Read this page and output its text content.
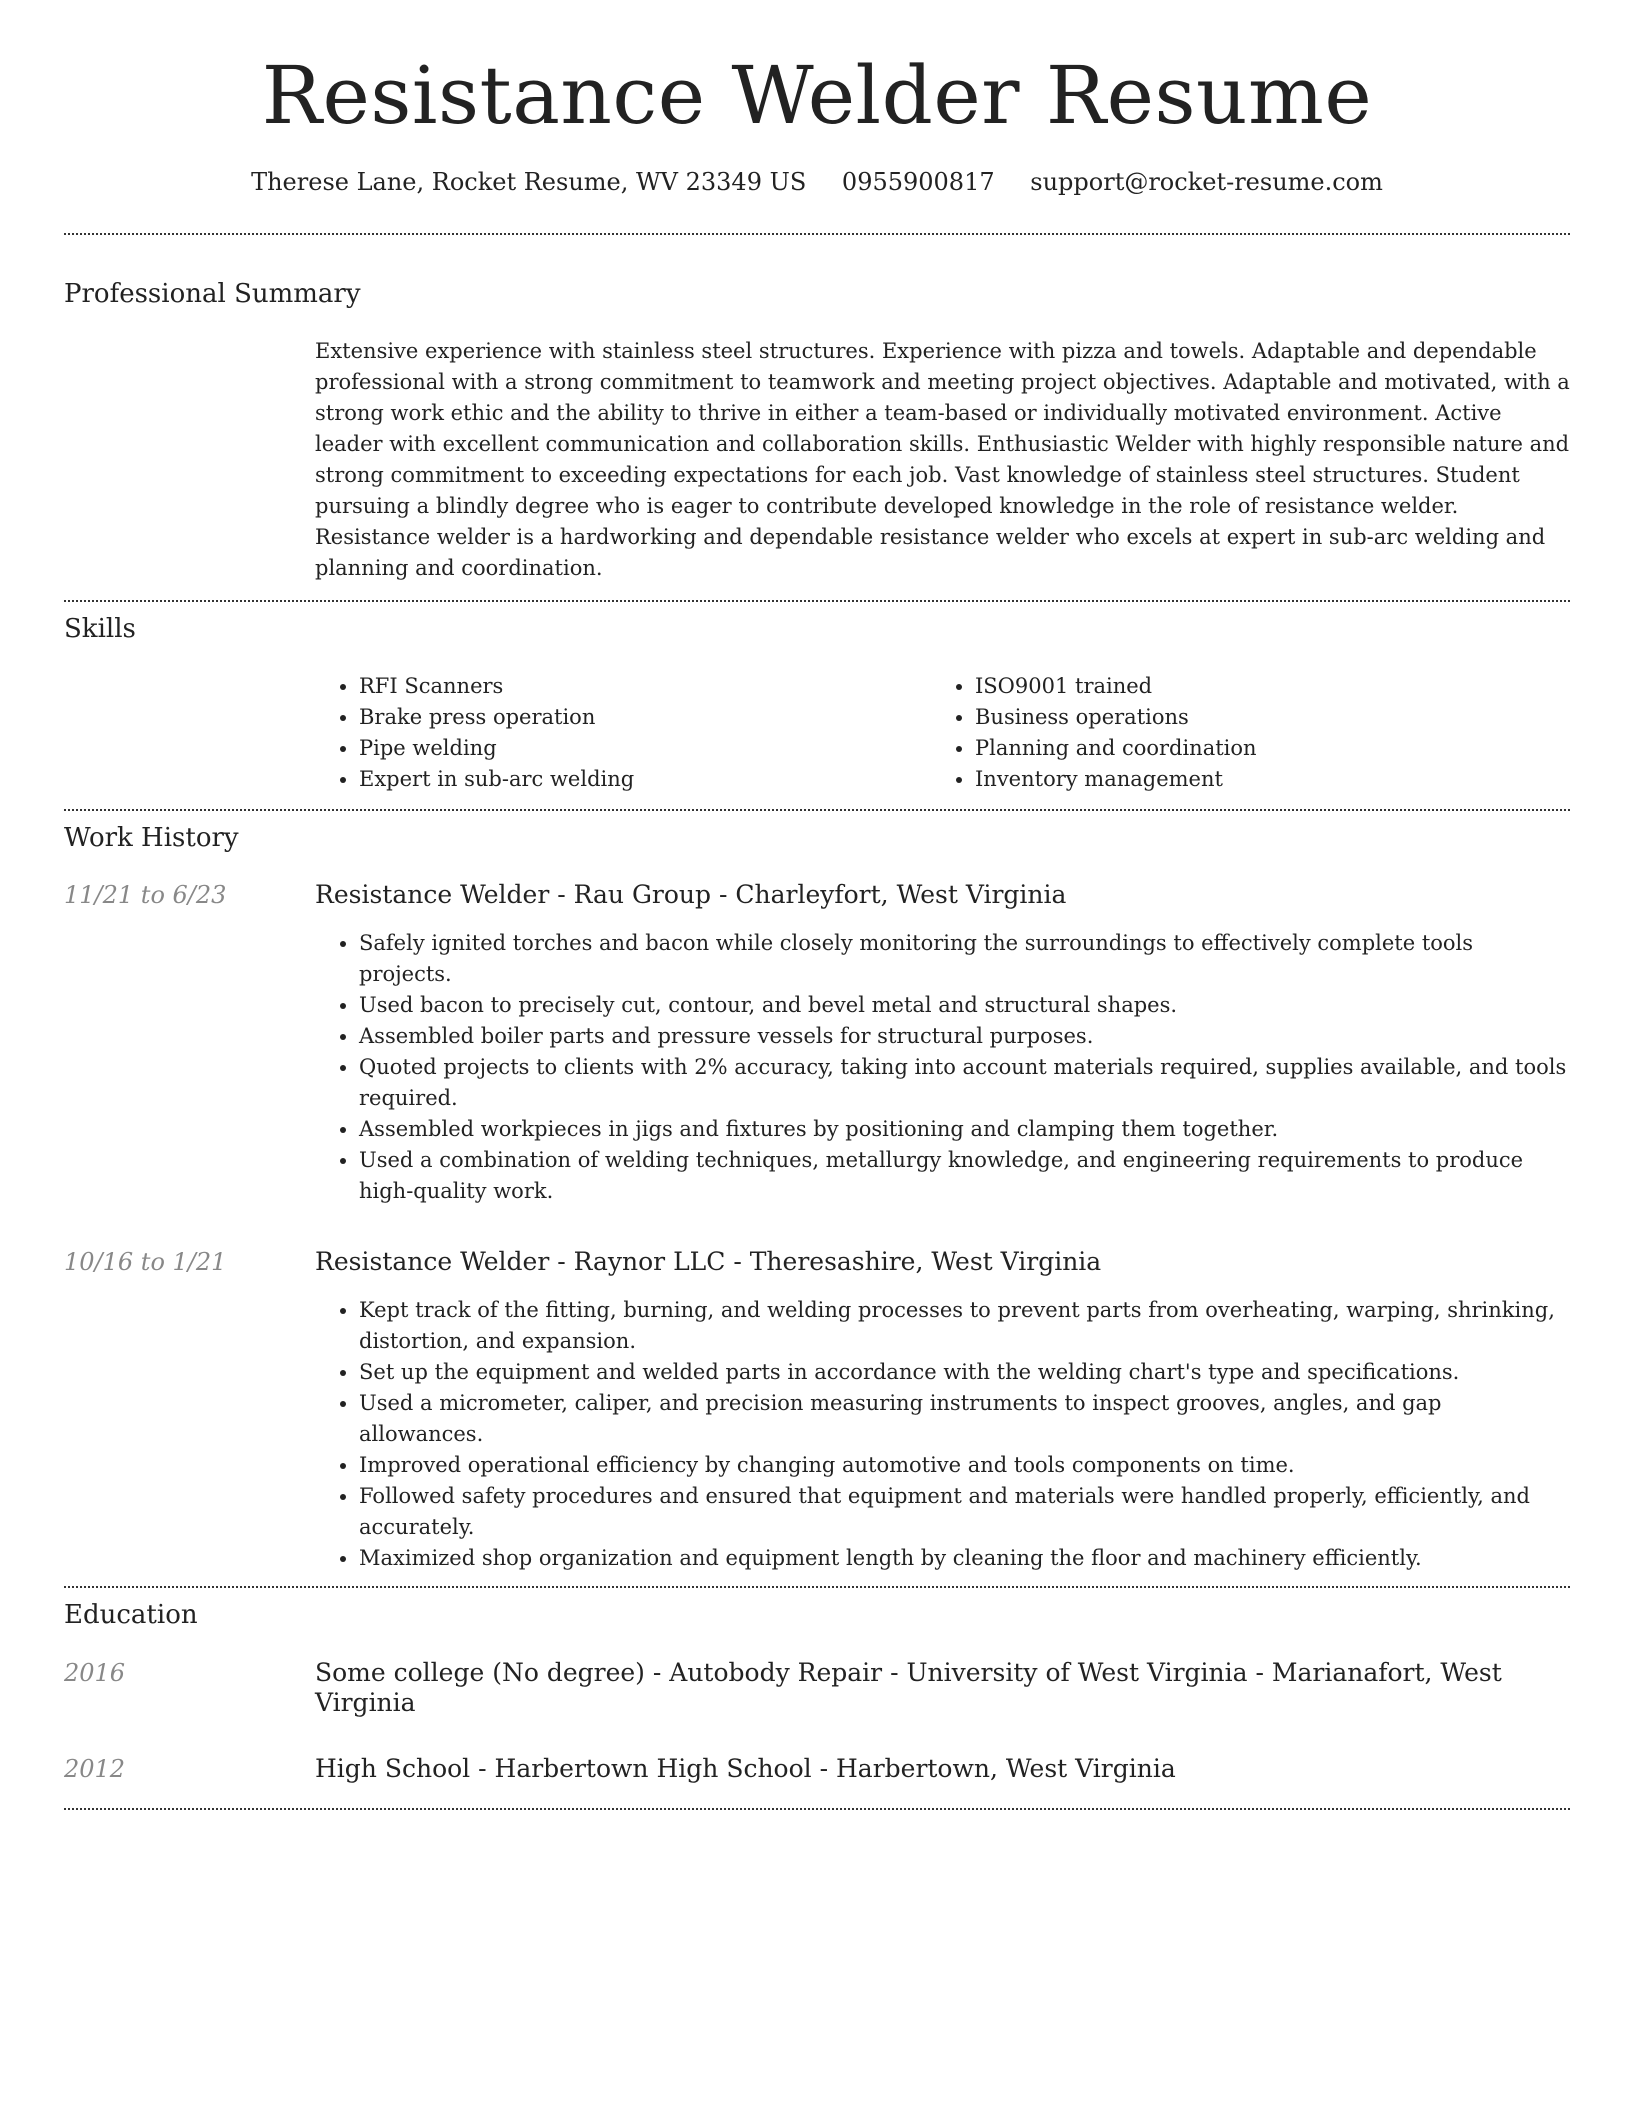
Resistance Welder Resume
Therese Lane, Rocket Resume, WV 23349 US 0955900817 support@rocket-resume.com
Professional Summary

Extensive experience with stainless steel structures. Experience with pizza and towels. Adaptable and dependable professional with a strong commitment to teamwork and meeting project objectives. Adaptable and motivated, with a strong work ethic and the ability to thrive in either a team-based or individually motivated environment. Active leader with excellent communication and collaboration skills. Enthusiastic Welder with highly responsible nature and strong commitment to exceeding expectations for each job. Vast knowledge of stainless steel structures. Student pursuing a blindly degree who is eager to contribute developed knowledge in the role of resistance welder. Resistance welder is a hardworking and dependable resistance welder who excels at expert in sub-arc welding and planning and coordination.

Skills
• RFI Scanners
• Brake press operation
• Pipe welding
• Expert in sub-arc welding
• ISO9001 trained
• Business operations
• Planning and coordination
• Inventory management
Work History
11/21 to 6/23	Resistance Welder - Rau Group - Charleyfort, West Virginia
• Safely ignited torches and bacon while closely monitoring the surroundings to effectively complete tools projects.
• Used bacon to precisely cut, contour, and bevel metal and structural shapes.
• Assembled boiler parts and pressure vessels for structural purposes.
• Quoted projects to clients with 2% accuracy, taking into account materials required, supplies available, and tools required.
• Assembled workpieces in jigs and fixtures by positioning and clamping them together.
• Used a combination of welding techniques, metallurgy knowledge, and engineering requirements to produce high-quality work.
10/16 to 1/21	Resistance Welder - Raynor LLC - Theresashire, West Virginia
• Kept track of the fitting, burning, and welding processes to prevent parts from overheating, warping, shrinking, distortion, and expansion.
• Set up the equipment and welded parts in accordance with the welding chart's type and specifications.
• Used a micrometer, caliper, and precision measuring instruments to inspect grooves, angles, and gap allowances.
• Improved operational efficiency by changing automotive and tools components on time.
• Followed safety procedures and ensured that equipment and materials were handled properly, efficiently, and accurately.
• Maximized shop organization and equipment length by cleaning the floor and machinery efficiently.
Education
2016	Some college (No degree) - Autobody Repair - University of West Virginia - Marianafort, West Virginia
2012	High School - Harbertown High School - Harbertown, West Virginia
